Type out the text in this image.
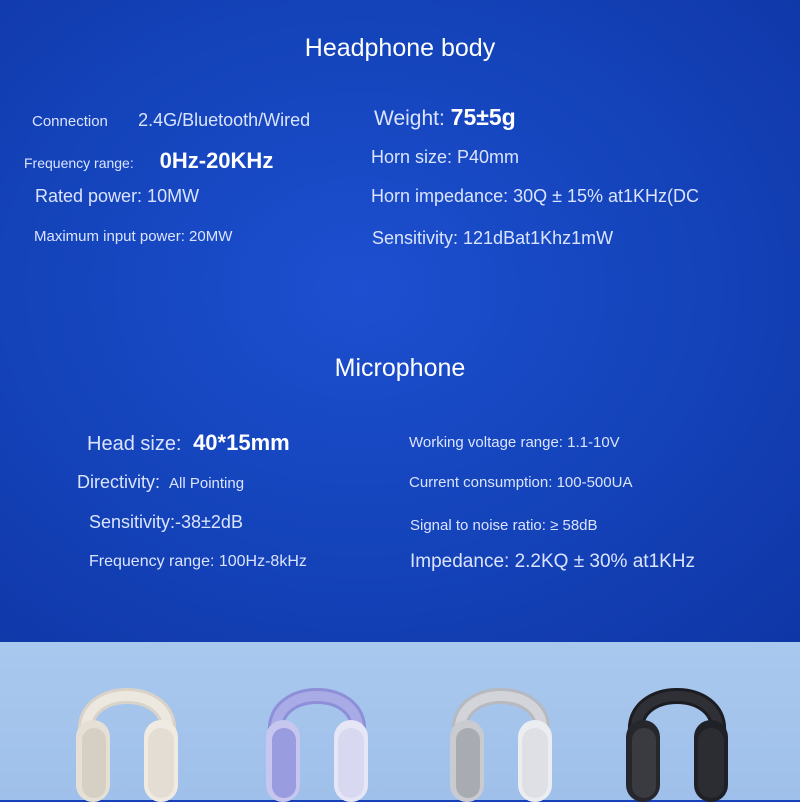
Headphone body
Connection 2.4G/Bluetooth/Wired	Weight: 75±5g
Frequency range: 0Hz-20KHz	Horn size: P40mm
Rated power: 10MW	Horn impedance: 30Q ± 15% at1KHz(DC
Maximum input power: 20MW	Sensitivity: 121dBat1Khz1mW
Microphone
Head size: 40*15mm	Working voltage range: 1.1-10V
Directivity: All Pointing	Current consumption: 100-500UA
Sensitivity:-38±2dB	Signal to noise ratio: ≥ 58dB
Frequency range: 100Hz-8kHz	Impedance: 2.2KQ ± 30% at1KHz
